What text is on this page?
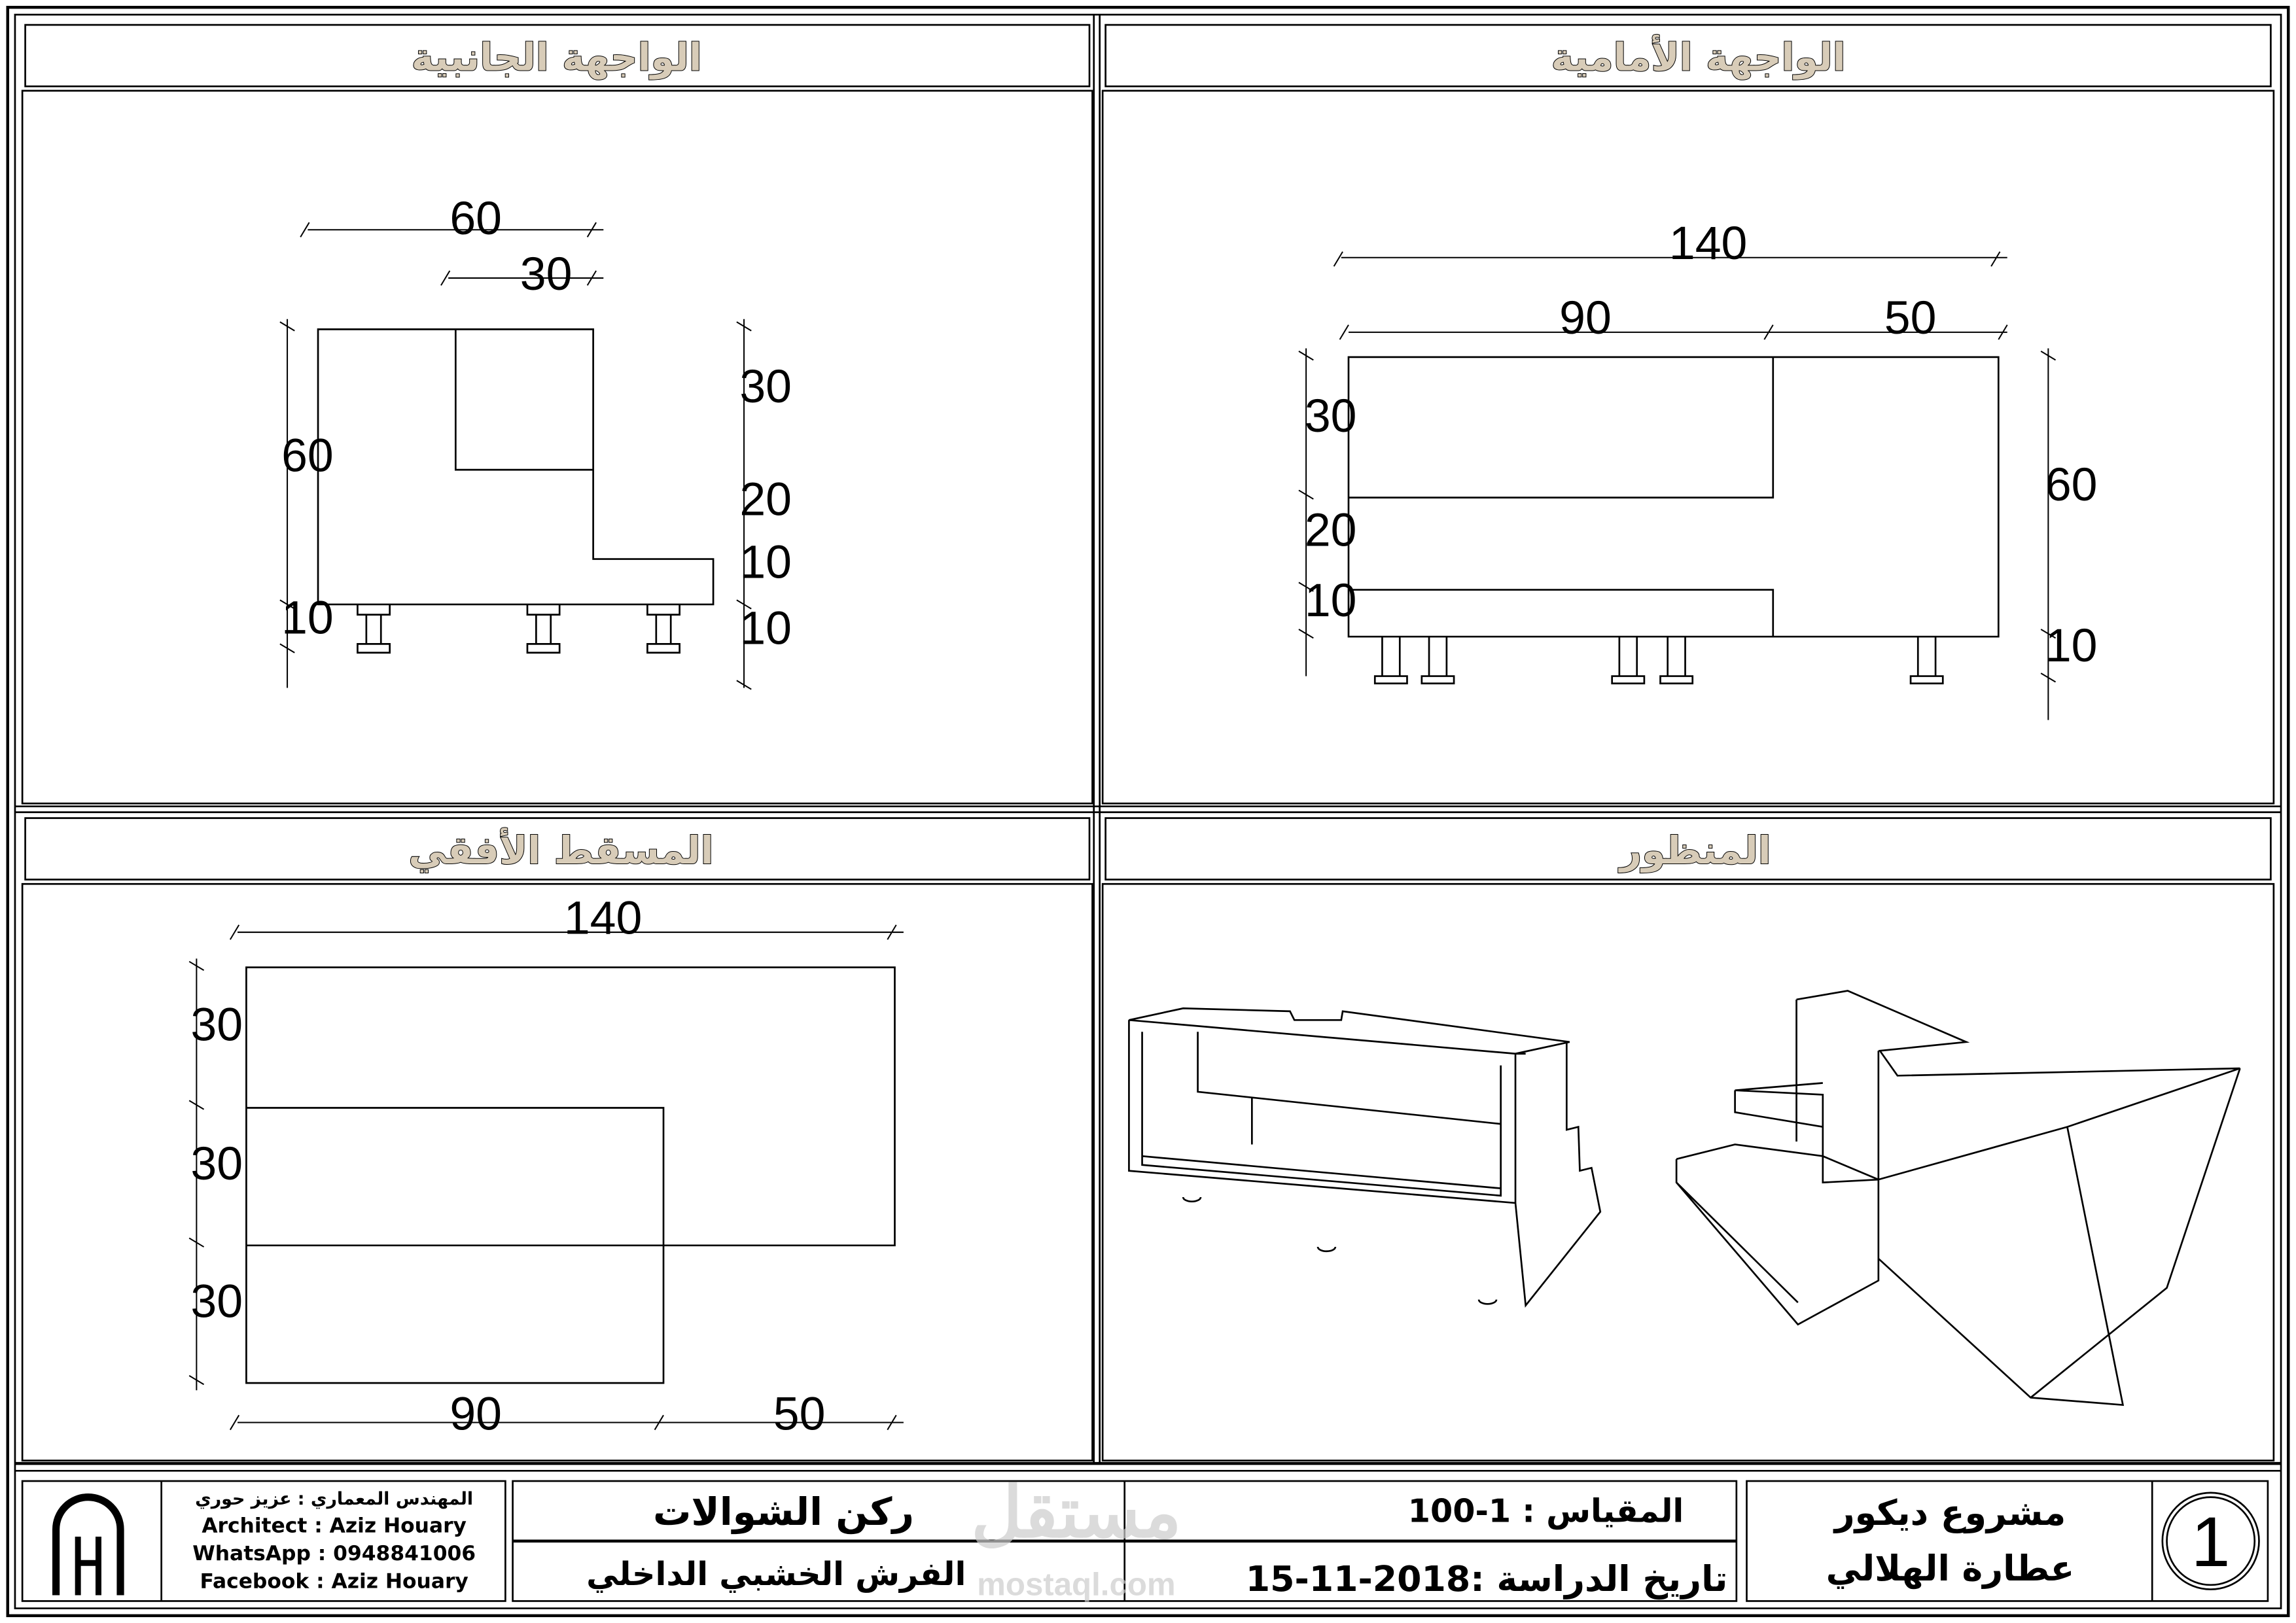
الواجهة الجانبية	الواجهة الأمامية
المسقط الأفقي	المنظور
60
30
30
20
10
10
60
10
140
90	50
30
20
10
60
10
140
30
30
30
90	50
المهندس المعماري : عزيز حوري
Architect : Aziz Houary
WhatsApp : 0948841006
Facebook : Aziz Houary
مستقل
mostaql.com
ركن الشوالات
الفرش الخشبي الداخلي
المقياس : 1-100
تاريخ الدراسة :2018-11-15
مشروع ديكور
عطارة الهلالي	1
